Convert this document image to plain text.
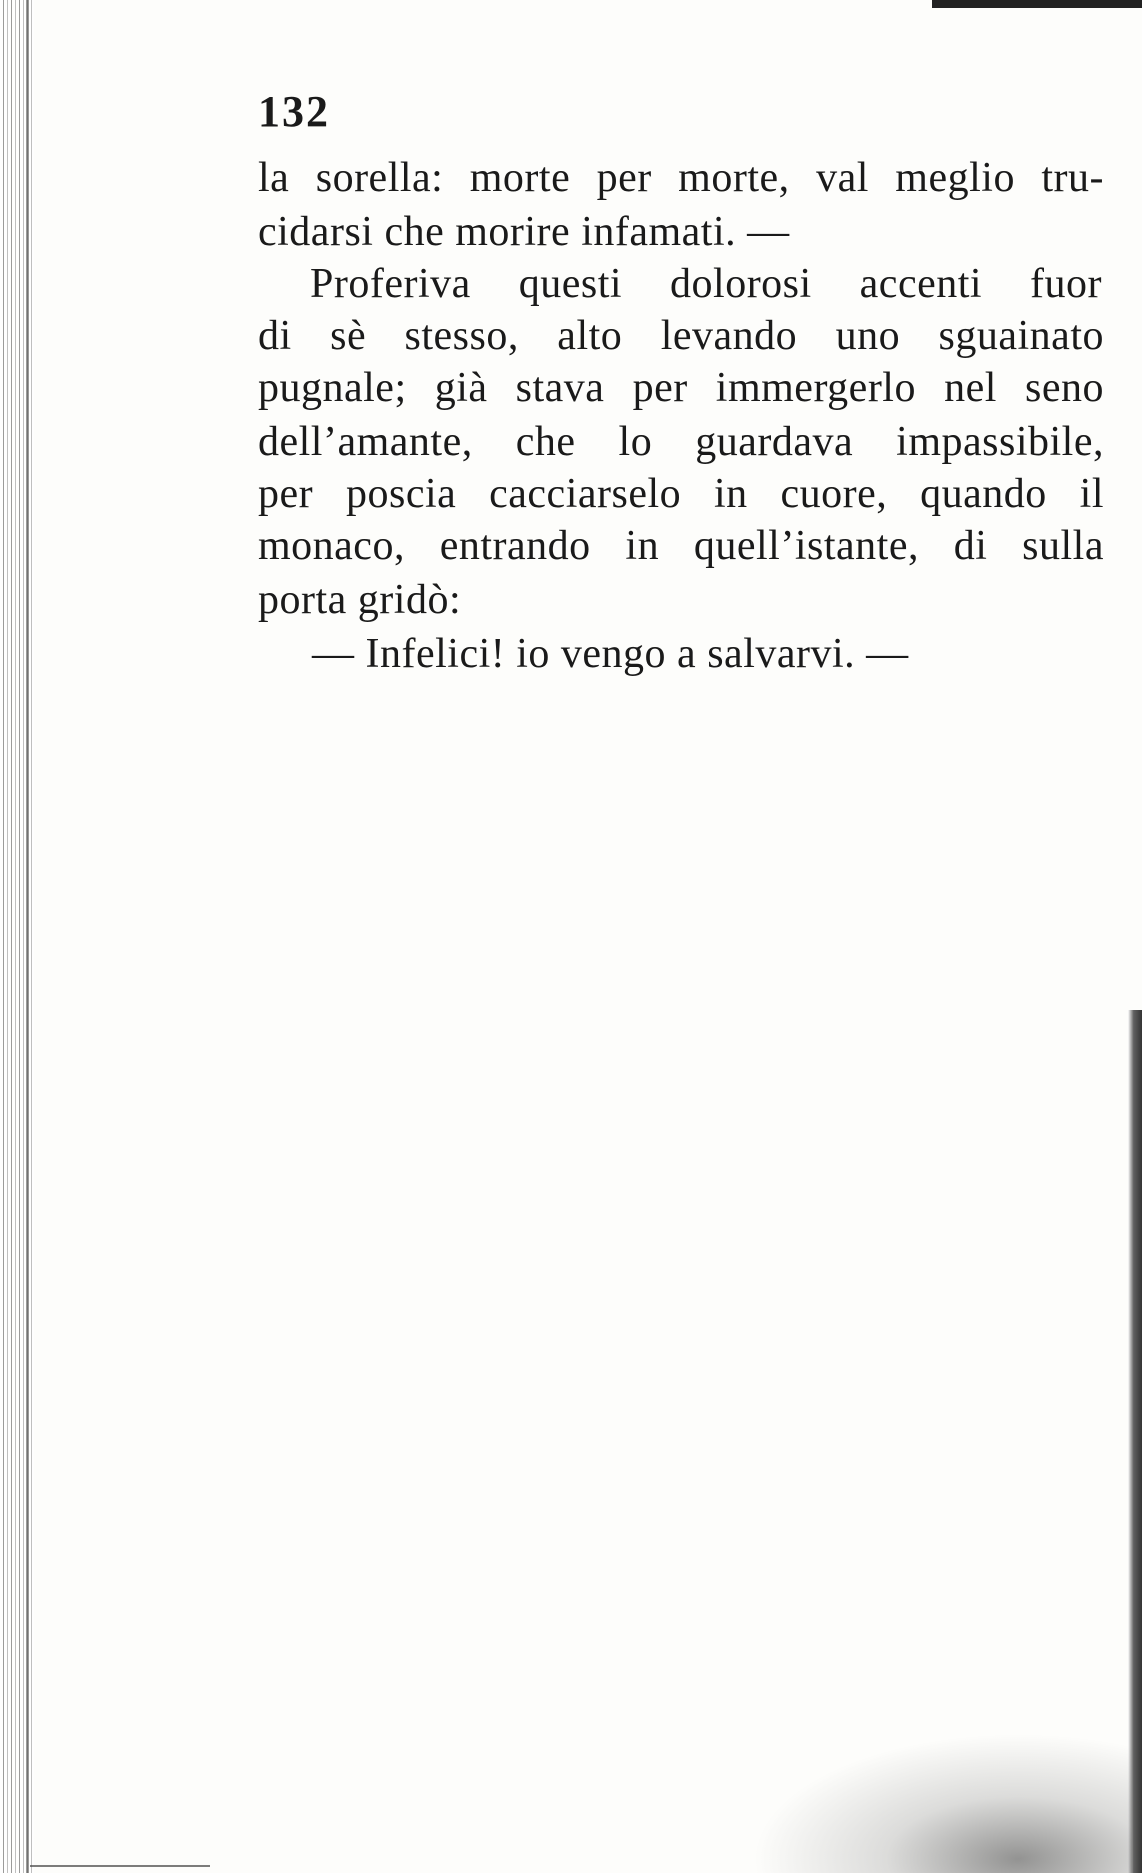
132
la sorella: morte per morte, val meglio tru-
cidarsi che morire infamati. —
Proferiva questi dolorosi accenti fuor
di sè stesso, alto levando uno sguainato
pugnale; già stava per immergerlo nel seno
dell’amante, che lo guardava impassibile,
per poscia cacciarselo in cuore, quando il
monaco, entrando in quell’istante, di sulla
porta gridò:
— Infelici! io vengo a salvarvi. —
